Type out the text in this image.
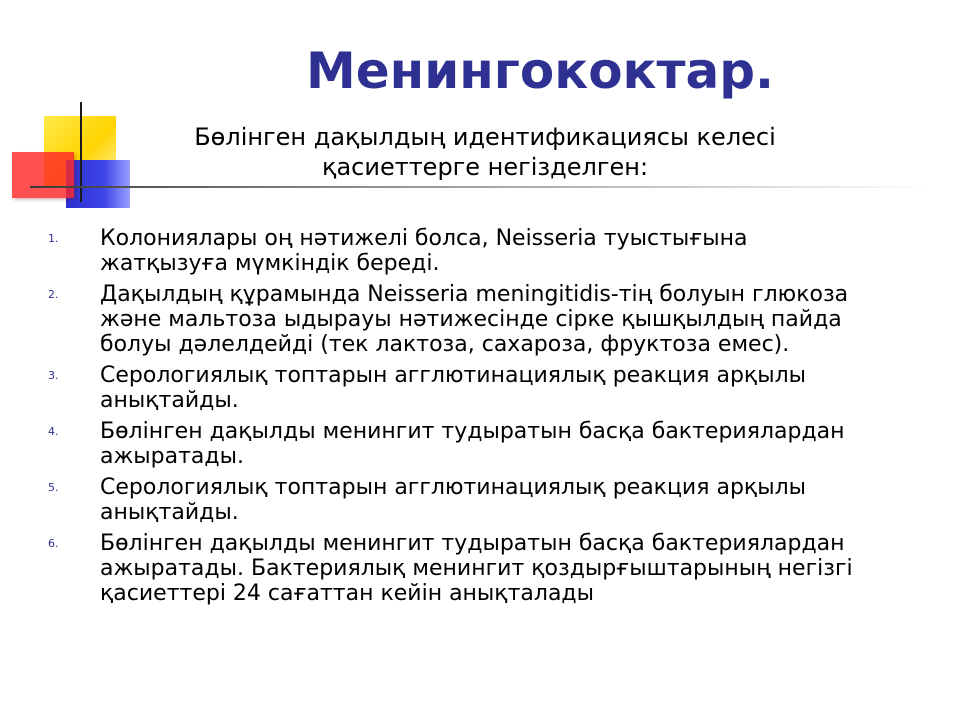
Менингококтар.
Бөлінген дақылдың идентификациясы келесі
қасиеттерге негізделген:
1. Колониялары оң нәтижелі болса, Neisseria туыстығына
жатқызуға мүмкіндік береді.
2. Дақылдың құрамында Neisseria meningitidis-тің болуын глюкоза
және мальтоза ыдырауы нәтижесінде сірке қышқылдың пайда
болуы дәлелдейді (тек лактоза, сахароза, фруктоза емес).
3. Серологиялық топтарын агглютинациялық реакция арқылы
анықтайды.
4. Бөлінген дақылды менингит тудыратын басқа бактериялардан
ажыратады.
5. Серологиялық топтарын агглютинациялық реакция арқылы
анықтайды.
6. Бөлінген дақылды менингит тудыратын басқа бактериялардан
ажыратады. Бактериялық менингит қоздырғыштарының негізгі
қасиеттері 24 сағаттан кейін анықталады
